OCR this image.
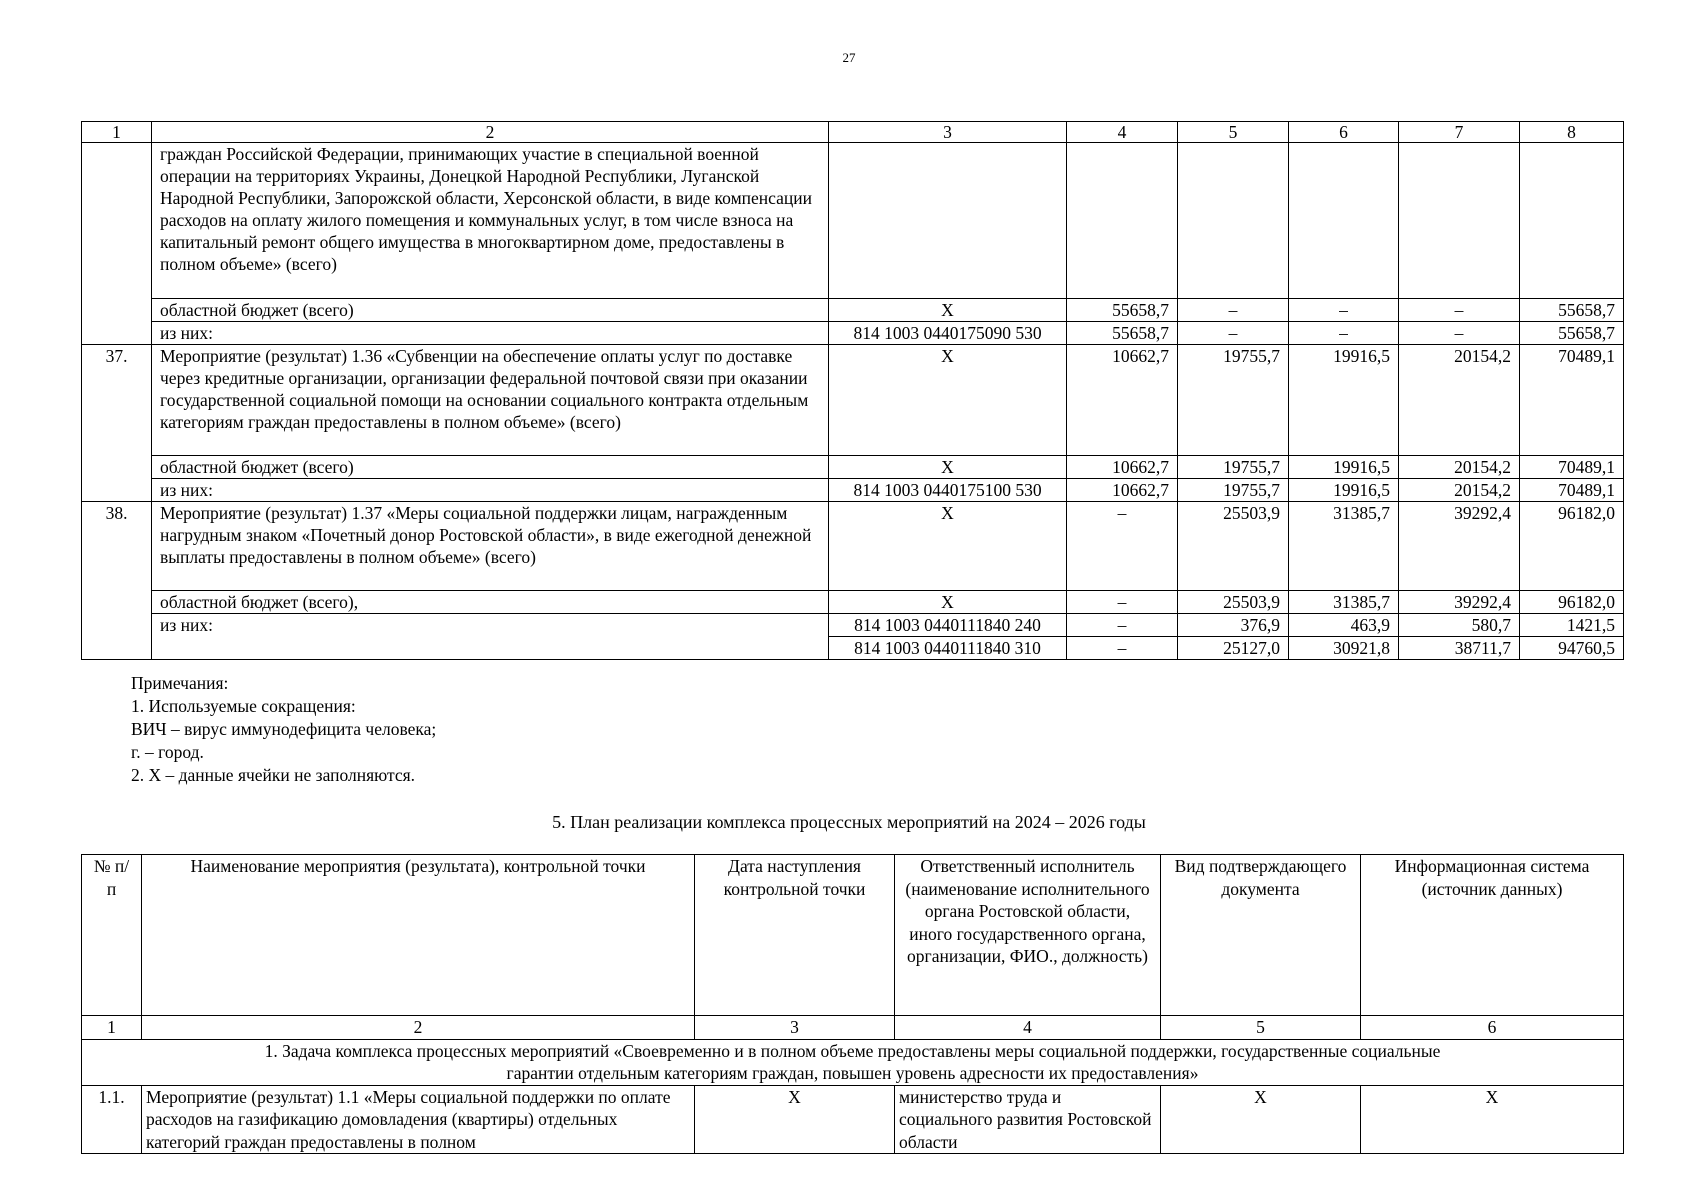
27
1	2	3	4	5	6	7	8
	граждан Российской Федерации, принимающих участие в специальной военной операции на территориях Украины, Донецкой Народной Республики, Луганской Народной Республики, Запорожской области, Херсонской области, в виде компенсации расходов на оплату жилого помещения и коммунальных услуг, в том числе взноса на капитальный ремонт общего имущества в многоквартирном доме, предоставлены в полном объеме» (всего)						
	областной бюджет (всего)	X	55658,7	–	–	–	55658,7
	из них:	814 1003 0440175090 530	55658,7	–	–	–	55658,7
37.	Мероприятие (результат) 1.36 «Субвенции на обеспечение оплаты услуг по доставке через кредитные организации, организации федеральной почтовой связи при оказании государственной социальной помощи на основании социального контракта отдельным категориям граждан предоставлены в полном объеме» (всего)	X	10662,7	19755,7	19916,5	20154,2	70489,1
	областной бюджет (всего)	X	10662,7	19755,7	19916,5	20154,2	70489,1
	из них:	814 1003 0440175100 530	10662,7	19755,7	19916,5	20154,2	70489,1
38.	Мероприятие (результат) 1.37 «Меры социальной поддержки лицам, награжденным нагрудным знаком «Почетный донор Ростовской области», в виде ежегодной денежной выплаты предоставлены в полном объеме» (всего)	X	–	25503,9	31385,7	39292,4	96182,0
	областной бюджет (всего),	X	–	25503,9	31385,7	39292,4	96182,0
	из них:	814 1003 0440111840 240	–	376,9	463,9	580,7	1421,5
		814 1003 0440111840 310	–	25127,0	30921,8	38711,7	94760,5
Примечания:
1. Используемые сокращения:
ВИЧ – вирус иммунодефицита человека;
г. – город.
2. X – данные ячейки не заполняются.
5. План реализации комплекса процессных мероприятий на 2024 – 2026 годы
№ п/п	Наименование мероприятия (результата), контрольной точки	Дата наступления контрольной точки	Ответственный исполнитель (наименование исполнительного органа Ростовской области, иного государственного органа, организации, ФИО., должность)	Вид подтверждающего документа	Информационная система (источник данных)
1	2	3	4	5	6
1. Задача комплекса процессных мероприятий «Своевременно и в полном объеме предоставлены меры социальной поддержки, государственные социальные гарантии отдельным категориям граждан, повышен уровень адресности их предоставления»					
1.1.	Мероприятие (результат) 1.1 «Меры социальной поддержки по оплате расходов на газификацию домовладения (квартиры) отдельных категорий граждан предоставлены в полном	X	министерство труда и социального развития Ростовской области	X	X
